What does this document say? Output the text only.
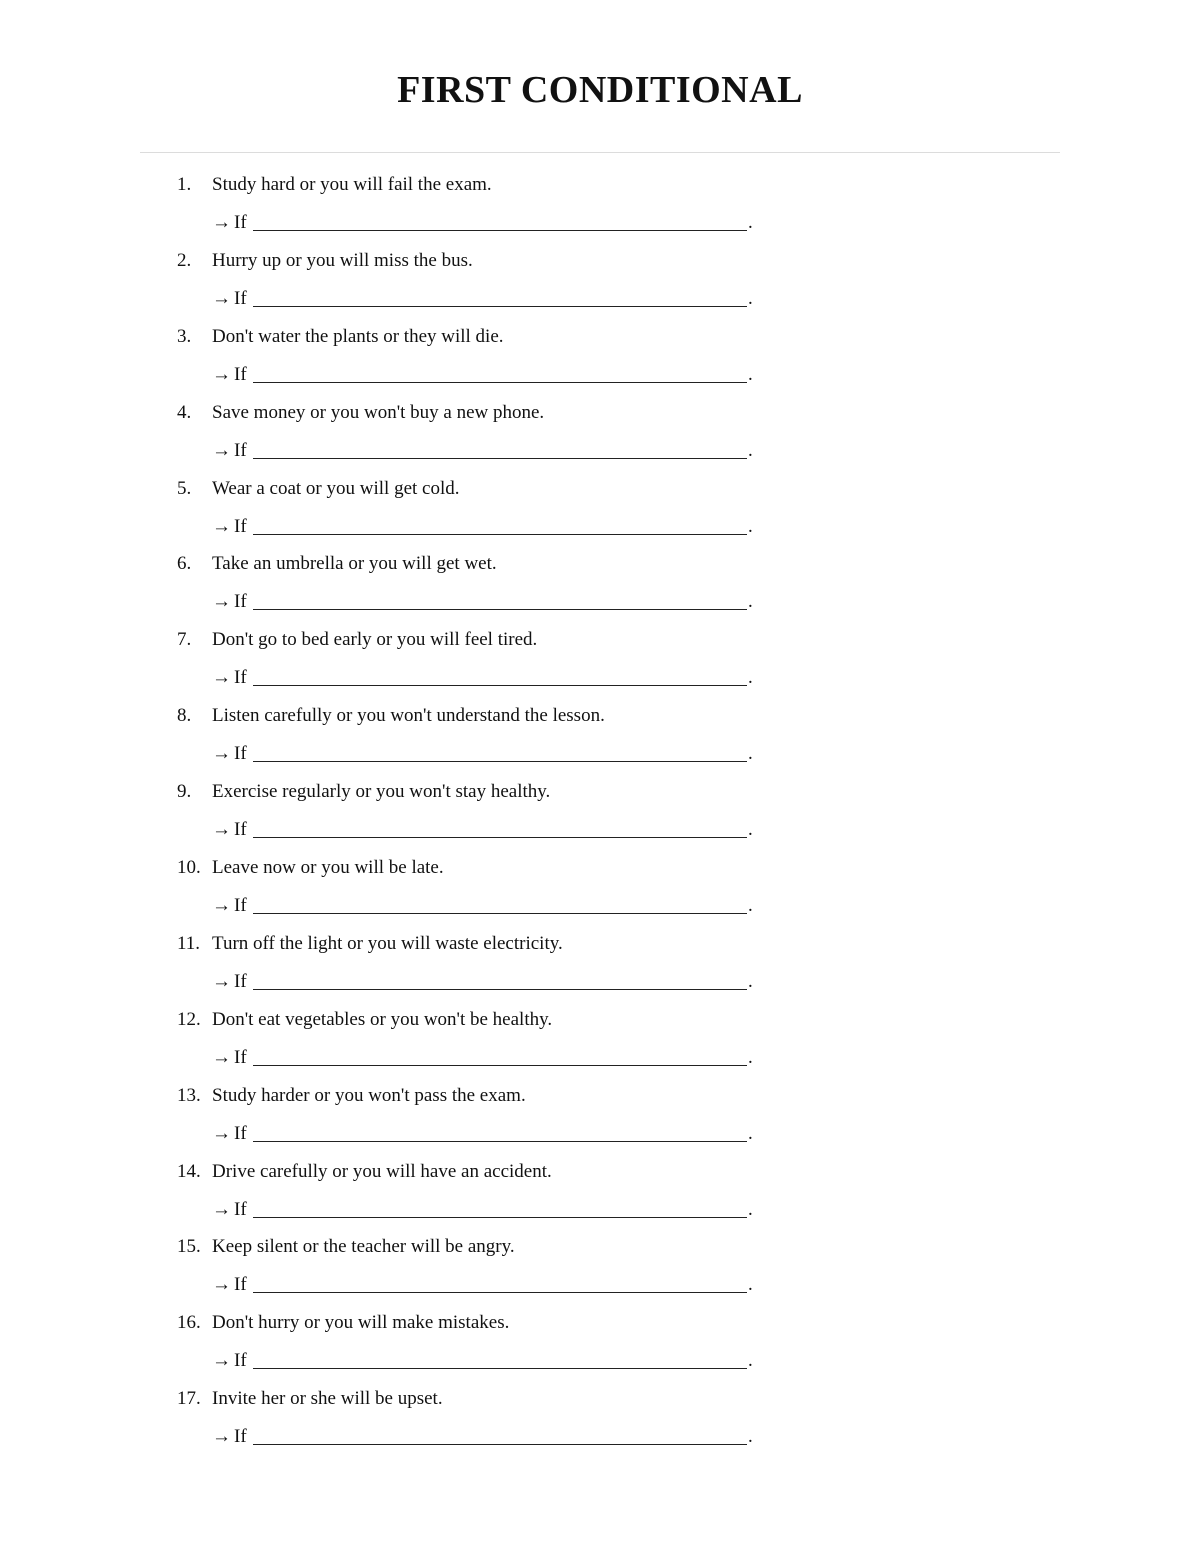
FIRST CONDITIONAL
1. Study hard or you will fail the exam.
→ If	.
2. Hurry up or you will miss the bus.
→ If	.
3. Don't water the plants or they will die.
→ If	.
4. Save money or you won't buy a new phone.
→ If	.
5. Wear a coat or you will get cold.
→ If	.
6. Take an umbrella or you will get wet.
→ If	.
7. Don't go to bed early or you will feel tired.
→ If	.
8. Listen carefully or you won't understand the lesson.
→ If	.
9. Exercise regularly or you won't stay healthy.
→ If	.
10. Leave now or you will be late.
→ If	.
11. Turn off the light or you will waste electricity.
→ If	.
12. Don't eat vegetables or you won't be healthy.
→ If	.
13. Study harder or you won't pass the exam.
→ If	.
14. Drive carefully or you will have an accident.
→ If	.
15. Keep silent or the teacher will be angry.
→ If	.
16. Don't hurry or you will make mistakes.
→ If	.
17. Invite her or she will be upset.
→ If	.
